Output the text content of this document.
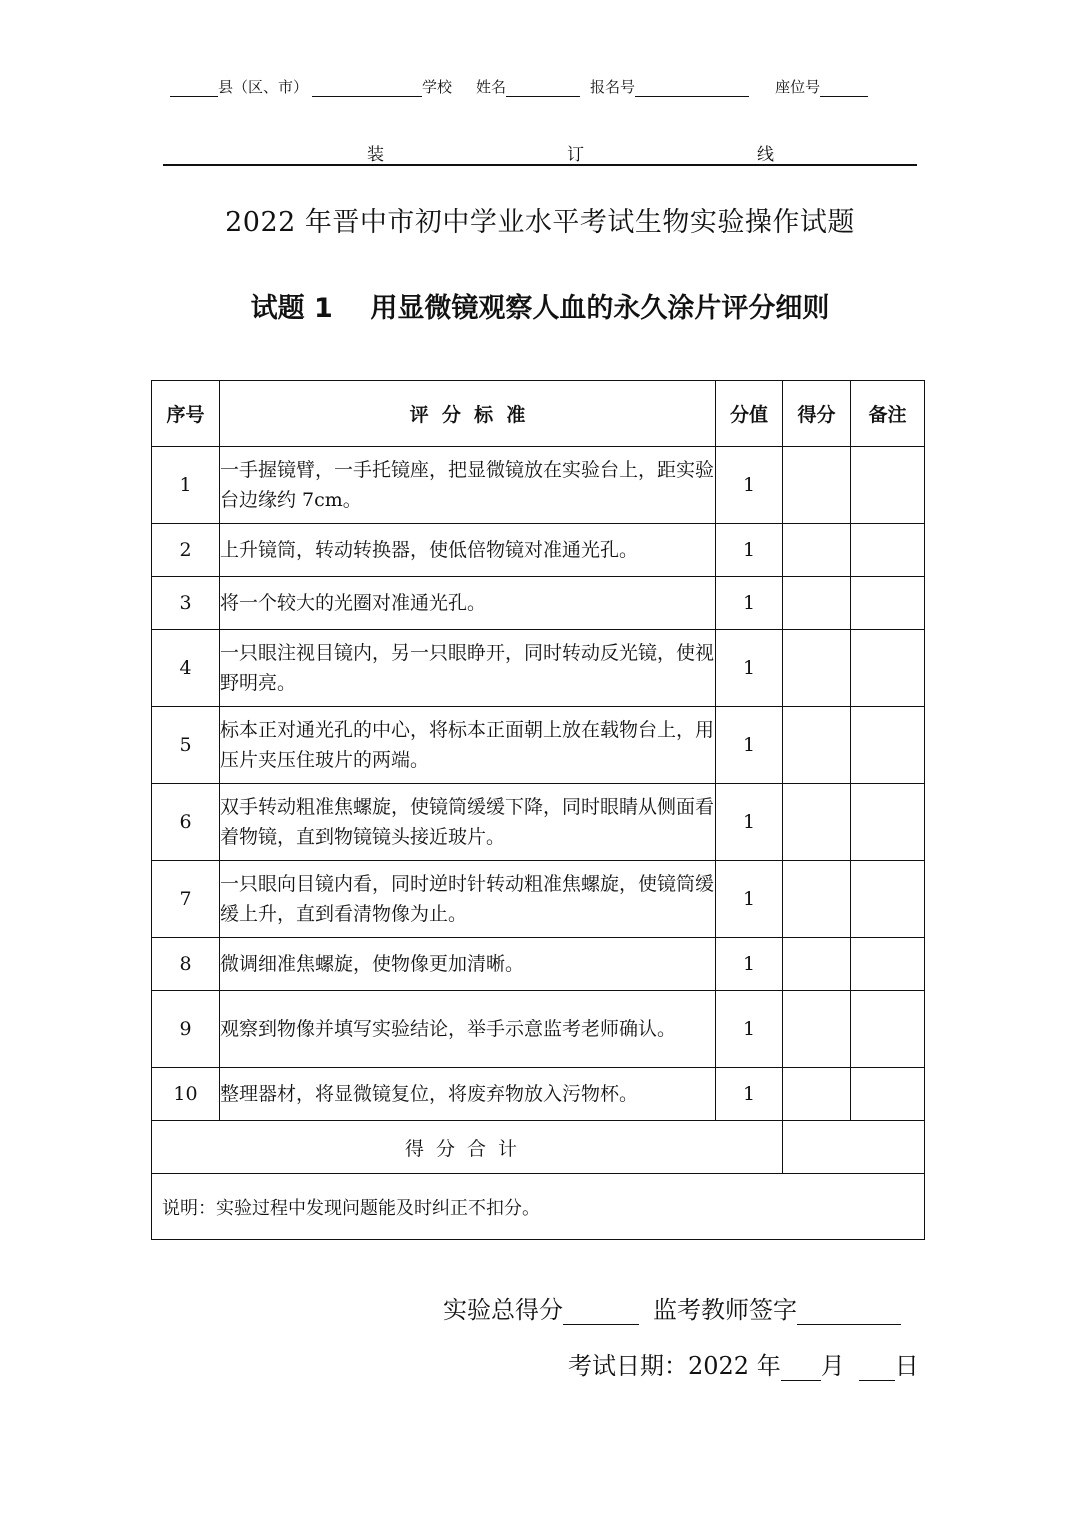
县（区、市）	学校 姓名	报名号	座位号
装	订	线
2022 年晋中市初中学业水平考试生物实验操作试题
试题 1    用显微镜观察人血的永久涂片评分细则
序号	评  分  标  准	分值	得分	备注
1	一手握镜臂，一手托镜座，把显微镜放在实验台上，距实验台边缘约 7cm。	1		
2	上升镜筒，转动转换器，使低倍物镜对准通光孔。	1		
3	将一个较大的光圈对准通光孔。	1		
4	一只眼注视目镜内，另一只眼睁开，同时转动反光镜，使视野明亮。	1		
5	标本正对通光孔的中心，将标本正面朝上放在载物台上，用压片夹压住玻片的两端。	1		
6	双手转动粗准焦螺旋，使镜筒缓缓下降，同时眼睛从侧面看着物镜，直到物镜镜头接近玻片。	1		
7	一只眼向目镜内看，同时逆时针转动粗准焦螺旋，使镜筒缓缓上升，直到看清物像为止。	1		
8	微调细准焦螺旋，使物像更加清晰。	1		
9	观察到物像并填写实验结论，举手示意监考老师确认。	1		
10	整理器材，将显微镜复位，将废弃物放入污物杯。	1		
得分合计				
说明：实验过程中发现问题能及时纠正不扣分。				
实验总得分	监考教师签字
考试日期：2022 年 月 日
